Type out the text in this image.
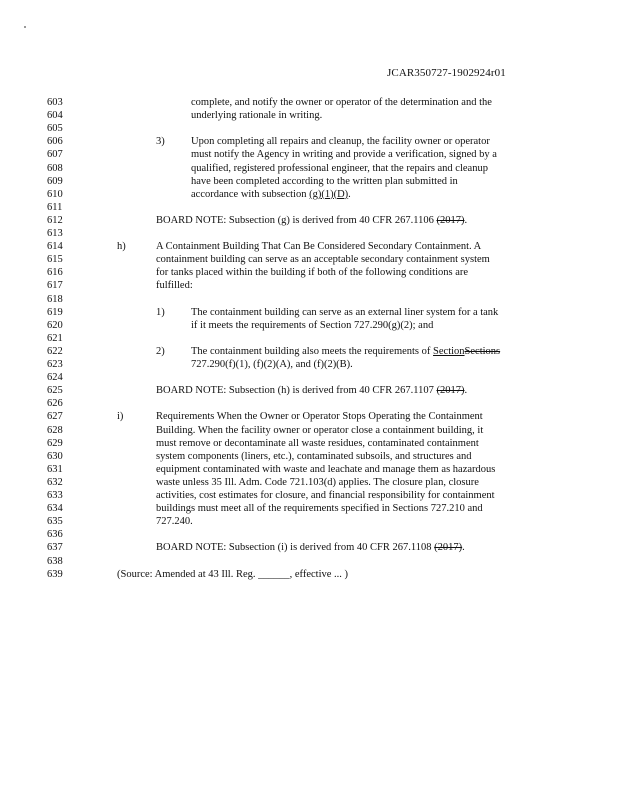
JCAR350727-1902924r01
603	complete, and notify the owner or operator of the determination and the
604	underlying rationale in writing.
605
606	3)	Upon completing all repairs and cleanup, the facility owner or operator
607	must notify the Agency in writing and provide a verification, signed by a
608	qualified, registered professional engineer, that the repairs and cleanup
609	have been completed according to the written plan submitted in
610	accordance with subsection (g)(1)(D).
611
612	BOARD NOTE: Subsection (g) is derived from 40 CFR 267.1106 (2017).
613
614	h)	A Containment Building That Can Be Considered Secondary Containment. A
615	containment building can serve as an acceptable secondary containment system
616	for tanks placed within the building if both of the following conditions are
617	fulfilled:
618
619	1)	The containment building can serve as an external liner system for a tank
620	if it meets the requirements of Section 727.290(g)(2); and
621
622	2)	The containment building also meets the requirements of SectionSections
623	727.290(f)(1), (f)(2)(A), and (f)(2)(B).
624
625	BOARD NOTE: Subsection (h) is derived from 40 CFR 267.1107 (2017).
626
627	i)	Requirements When the Owner or Operator Stops Operating the Containment
628	Building. When the facility owner or operator close a containment building, it
629	must remove or decontaminate all waste residues, contaminated containment
630	system components (liners, etc.), contaminated subsoils, and structures and
631	equipment contaminated with waste and leachate and manage them as hazardous
632	waste unless 35 Ill. Adm. Code 721.103(d) applies. The closure plan, closure
633	activities, cost estimates for closure, and financial responsibility for containment
634	buildings must meet all of the requirements specified in Sections 727.210 and
635	727.240.
636
637	BOARD NOTE: Subsection (i) is derived from 40 CFR 267.1108 (2017).
638
639	(Source: Amended at 43 Ill. Reg. ______, effective ... )
